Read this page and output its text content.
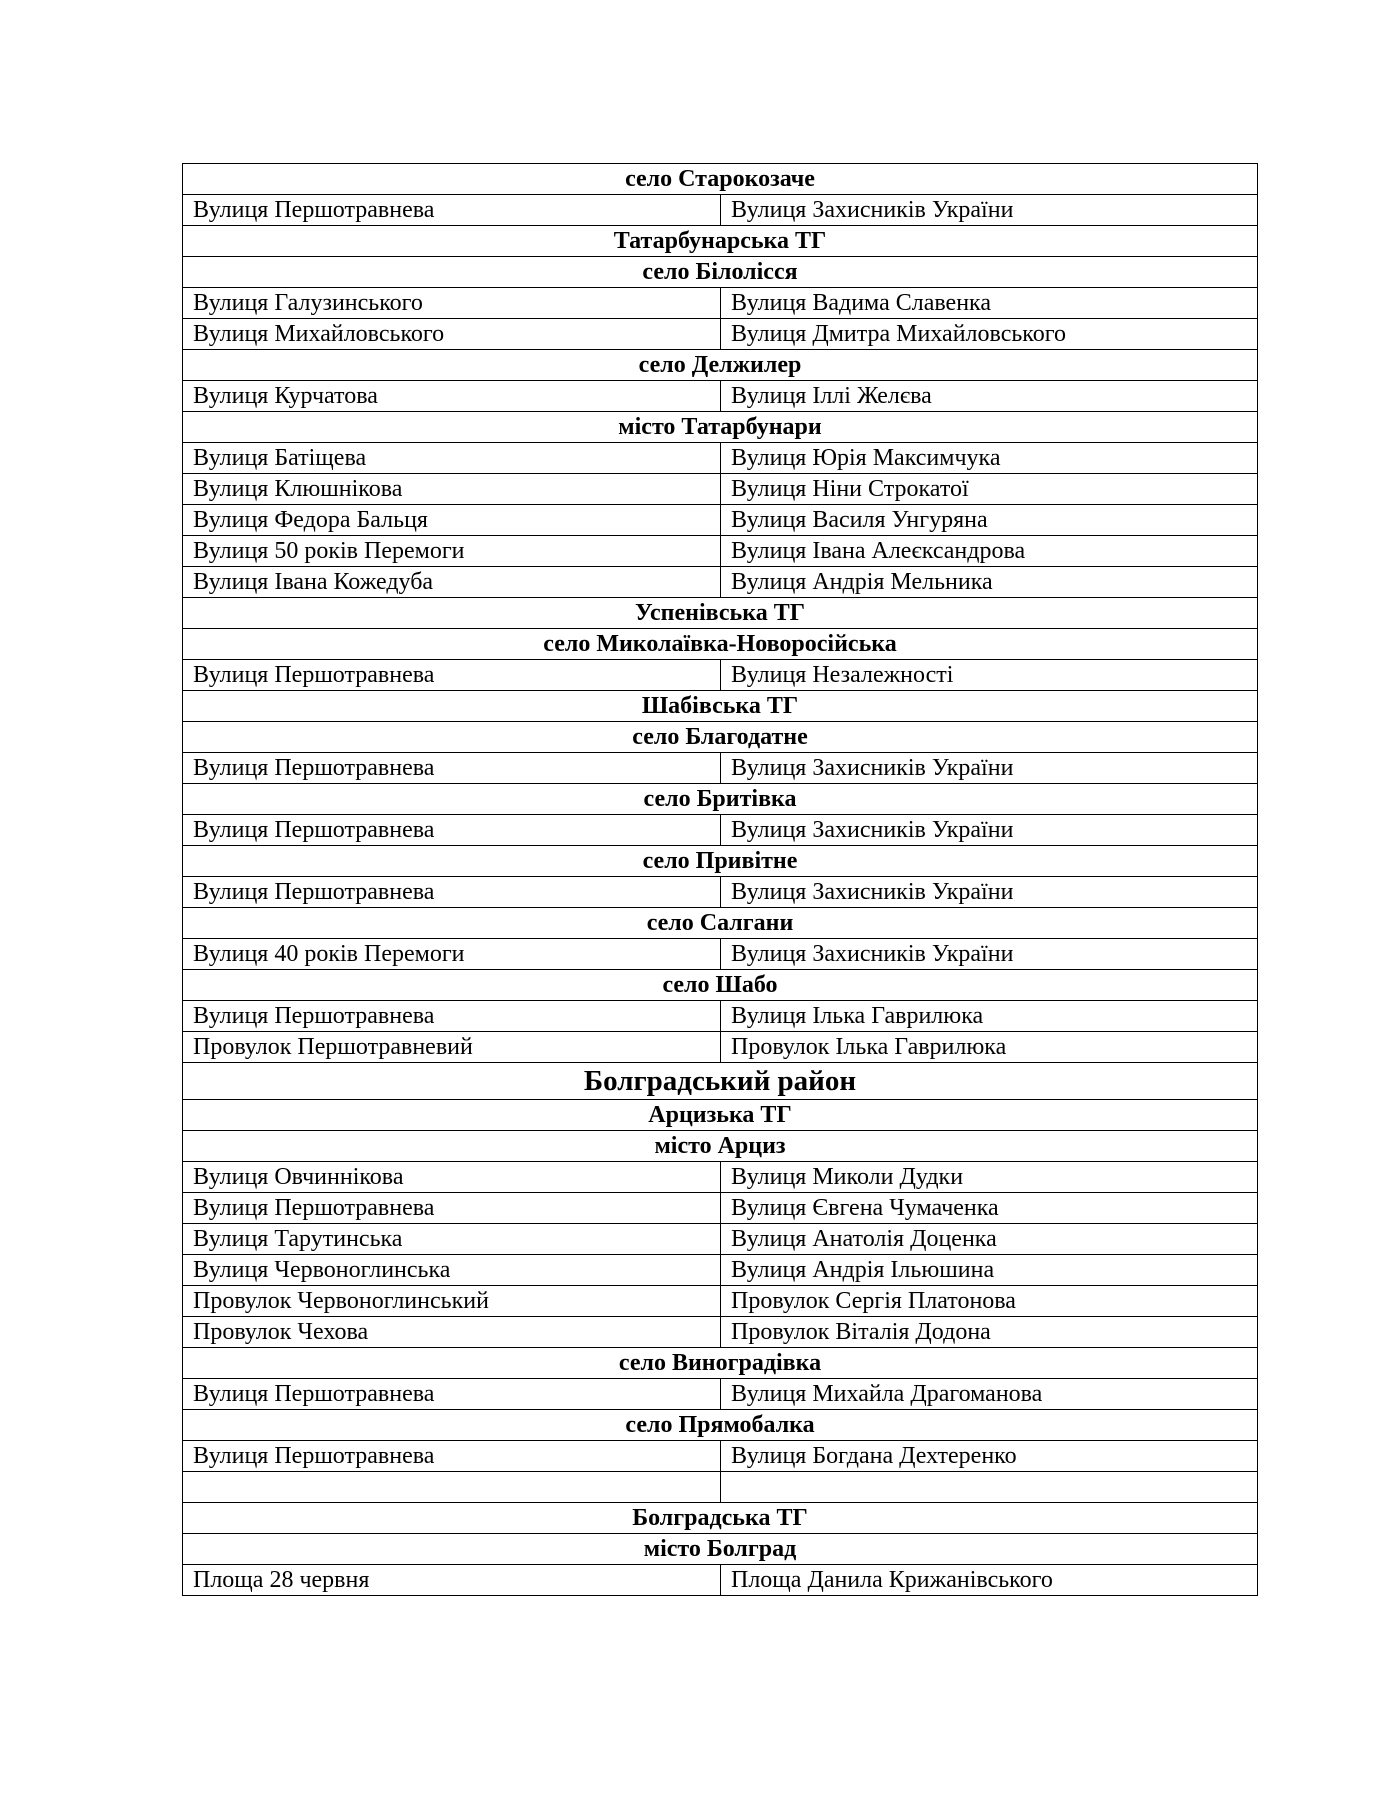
село Старокозаче	
Вулиця Першотравнева	Вулиця Захисників України
Татарбунарська ТГ	
село Білолісся	
Вулиця Галузинського	Вулиця Вадима Славенка
Вулиця Михайловського	Вулиця Дмитра Михайловського
село Делжилер	
Вулиця Курчатова	Вулиця Іллі Желєва
місто Татарбунари	
Вулиця Батіщева	Вулиця Юрія Максимчука
Вулиця Клюшнікова	Вулиця Ніни Строкатої
Вулиця Федора Бальця	Вулиця Василя Унгуряна
Вулиця 50 років Перемоги	Вулиця Івана Алеєксандрова
Вулиця Івана Кожедуба	Вулиця Андрія Мельника
Успенівська ТГ	
село Миколаївка-Новоросійська	
Вулиця Першотравнева	Вулиця Незалежності
Шабівська ТГ	
село Благодатне	
Вулиця Першотравнева	Вулиця Захисників України
село Бритівка	
Вулиця Першотравнева	Вулиця Захисників України
село Привітне	
Вулиця Першотравнева	Вулиця Захисників України
село Салгани	
Вулиця 40 років Перемоги	Вулиця Захисників України
село Шабо	
Вулиця Першотравнева	Вулиця Ілька Гаврилюка
Провулок Першотравневий	Провулок Ілька Гаврилюка
Болградський район	
Арцизька ТГ	
місто Арциз	
Вулиця Овчиннікова	Вулиця Миколи Дудки
Вулиця Першотравнева	Вулиця Євгена Чумаченка
Вулиця Тарутинська	Вулиця Анатолія Доценка
Вулиця Червоноглинська	Вулиця Андрія Ільюшина
Провулок Червоноглинський	Провулок Сергія Платонова
Провулок Чехова	Провулок Віталія Додона
село Виноградівка	
Вулиця Першотравнева	Вулиця Михайла Драгоманова
село Прямобалка	
Вулиця Першотравнева	Вулиця Богдана Дехтеренко

Болградська ТГ	
місто Болград	
Площа 28 червня	Площа Данила Крижанівського
